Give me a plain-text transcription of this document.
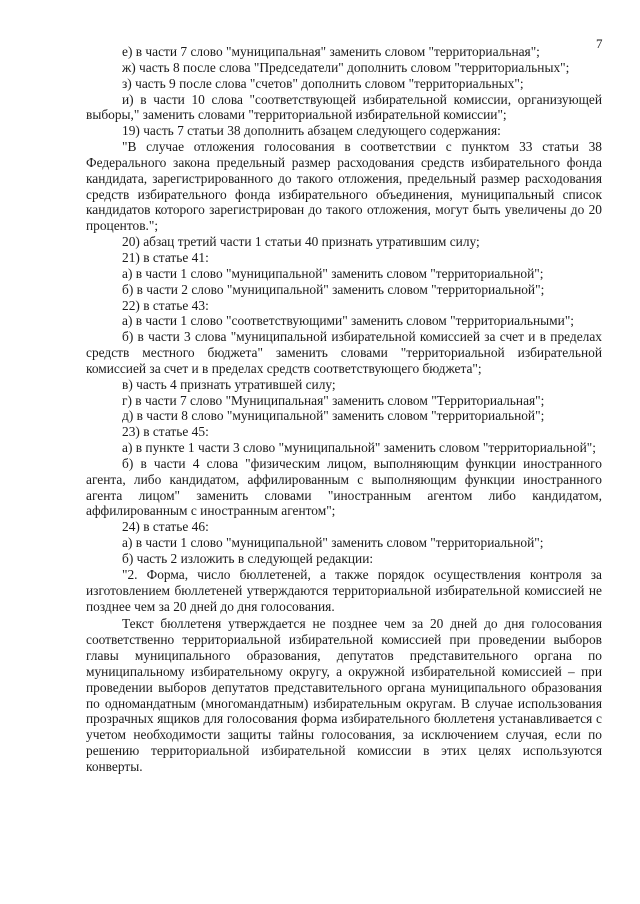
7

е) в части 7 слово "муниципальная" заменить словом "территориальная";

ж) часть 8 после слова "Председатели" дополнить словом "территориальных";

з) часть 9 после слова "счетов" дополнить словом "территориальных";

и) в части 10 слова "соответствующей избирательной комиссии, организующей выборы," заменить словами "территориальной избирательной комиссии";

19) часть 7 статьи 38 дополнить абзацем следующего содержания:

"В случае отложения голосования в соответствии с пунктом 33 статьи 38 Федерального закона предельный размер расходования средств избирательного фонда кандидата, зарегистрированного до такого отложения, предельный размер расходования средств избирательного фонда избирательного объединения, муниципальный список кандидатов которого зарегистрирован до такого отложения, могут быть увеличены до 20 процентов.";

20) абзац третий части 1 статьи 40 признать утратившим силу;

21) в статье 41:

а) в части 1 слово "муниципальной" заменить словом "территориальной";

б) в части 2 слово "муниципальной" заменить словом "территориальной";

22) в статье 43:

а) в части 1 слово "соответствующими" заменить словом "территориальными";

б) в части 3 слова "муниципальной избирательной комиссией за счет и в пределах средств местного бюджета" заменить словами "территориальной избирательной комиссией за счет и в пределах средств соответствующего бюджета";

в) часть 4 признать утратившей силу;

г) в части 7 слово "Муниципальная" заменить словом "Территориальная";

д) в части 8 слово "муниципальной" заменить словом "территориальной";

23) в статье 45:

а) в пункте 1 части 3 слово "муниципальной" заменить словом "территориальной";

б) в части 4 слова "физическим лицом, выполняющим функции иностранного агента, либо кандидатом, аффилированным с выполняющим функции иностранного агента лицом" заменить словами "иностранным агентом либо кандидатом, аффилированным с иностранным агентом";

24) в статье 46:

а) в части 1 слово "муниципальной" заменить словом "территориальной";

б) часть 2 изложить в следующей редакции:

"2. Форма, число бюллетеней, а также порядок осуществления контроля за изготовлением бюллетеней утверждаются территориальной избирательной комиссией не позднее чем за 20 дней до дня голосования.

Текст бюллетеня утверждается не позднее чем за 20 дней до дня голосования соответственно территориальной избирательной комиссией при проведении выборов главы муниципального образования, депутатов представительного органа по муниципальному избирательному округу, а окружной избирательной комиссией – при проведении выборов депутатов представительного органа муниципального образования по одномандатным (многомандатным) избирательным округам. В случае использования прозрачных ящиков для голосования форма избирательного бюллетеня устанавливается с учетом необходимости защиты тайны голосования, за исключением случая, если по решению территориальной избирательной комиссии в этих целях используются конверты.
